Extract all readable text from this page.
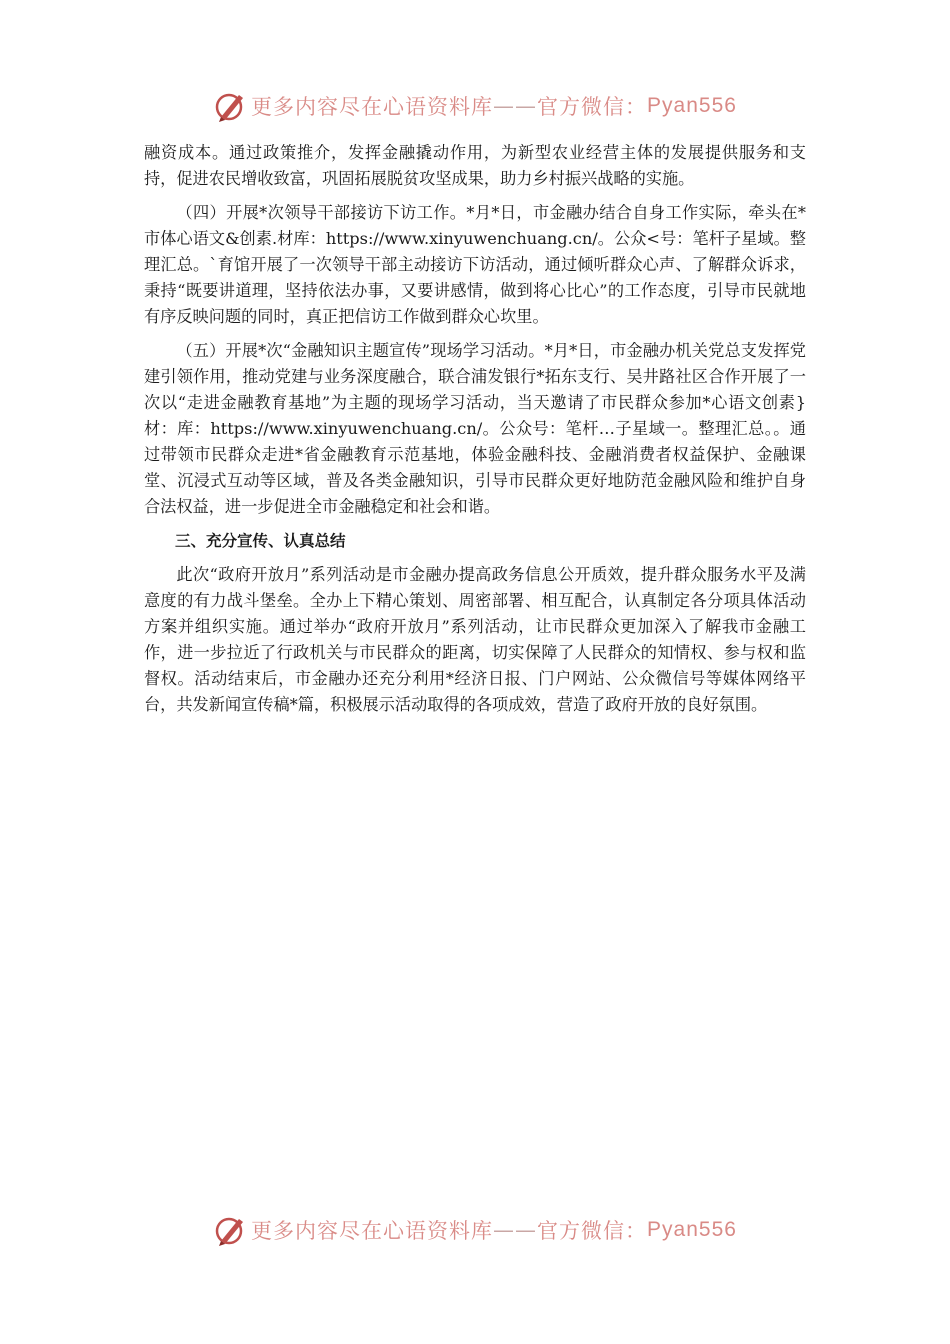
更多内容尽在心语资料库 —— 官方微信： Pyan556

融资成本。通过政策推介，发挥金融撬动作用，为新型农业经营主体的发展提供服务和支持，促进农民增收致富，巩固拓展脱贫攻坚成果，助力乡村振兴战略的实施。

（四）开展*次领导干部接访下访工作。*月*日，市金融办结合自身工作实际，牵头在*市体心语文&创素.材库：https://www.xinyuwenchuang.cn/。公众<号：笔杆子星域。整理汇总。`育馆开展了一次领导干部主动接访下访活动，通过倾听群众心声、了解群众诉求，秉持“既要讲道理，坚持依法办事，又要讲感情，做到将心比心”的工作态度，引导市民就地有序反映问题的同时，真正把信访工作做到群众心坎里。

（五）开展*次“金融知识主题宣传”现场学习活动。*月*日，市金融办机关党总支发挥党建引领作用，推动党建与业务深度融合，联合浦发银行*拓东支行、吴井路社区合作开展了一次以“走进金融教育基地”为主题的现场学习活动，当天邀请了市民群众参加*心语文创素}材：库：https://www.xinyuwenchuang.cn/。公众号：笔杆…子星域一。整理汇总。。通过带领市民群众走进*省金融教育示范基地，体验金融科技、金融消费者权益保护、金融课堂、沉浸式互动等区域，普及各类金融知识，引导市民群众更好地防范金融风险和维护自身合法权益，进一步促进全市金融稳定和社会和谐。

三、充分宣传、认真总结

此次“政府开放月”系列活动是市金融办提高政务信息公开质效，提升群众服务水平及满意度的有力战斗堡垒。全办上下精心策划、周密部署、相互配合，认真制定各分项具体活动方案并组织实施。通过举办“政府开放月”系列活动，让市民群众更加深入了解我市金融工作，进一步拉近了行政机关与市民群众的距离，切实保障了人民群众的知情权、参与权和监督权。活动结束后，市金融办还充分利用*经济日报、门户网站、公众微信号等媒体网络平台，共发新闻宣传稿*篇，积极展示活动取得的各项成效，营造了政府开放的良好氛围。

更多内容尽在心语资料库 —— 官方微信： Pyan556
